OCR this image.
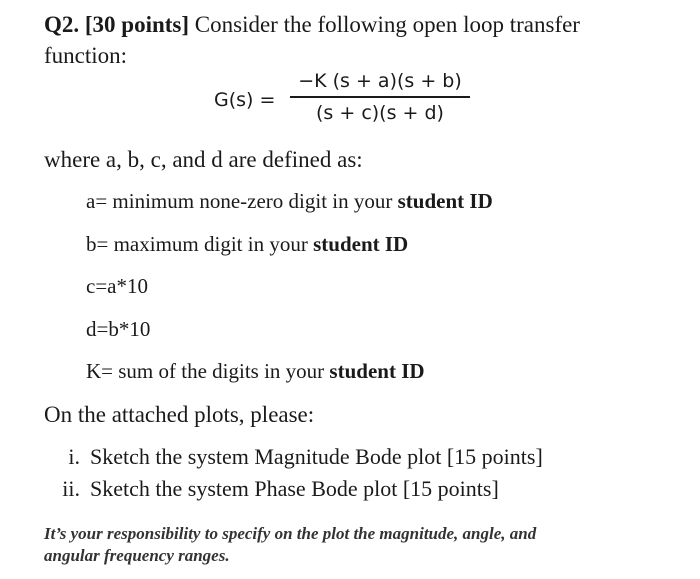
Q2. [30 points] Consider the following open loop transfer
function:
G(s) =
−K (s + a)(s + b)
(s + c)(s + d)
where a, b, c, and d are defined as:
a= minimum none-zero digit in your student ID
b= maximum digit in your student ID
c=a*10
d=b*10
K= sum of the digits in your student ID
On the attached plots, please:
i. Sketch the system Magnitude Bode plot [15 points]
ii. Sketch the system Phase Bode plot [15 points]
It’s your responsibility to specify on the plot the magnitude, angle, and
angular frequency ranges.
